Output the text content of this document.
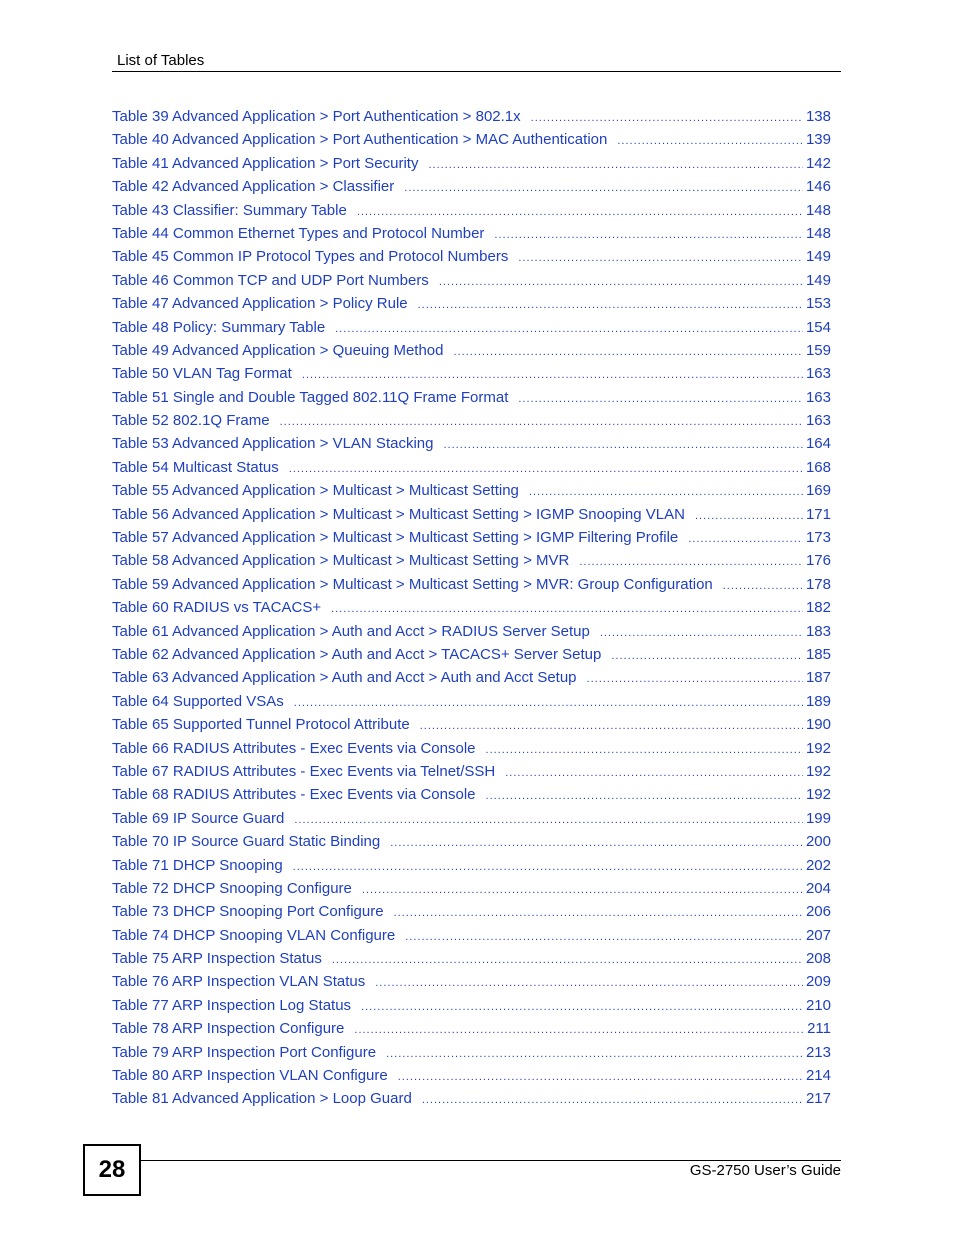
List of Tables
Table 39 Advanced Application > Port Authentication > 802.1x .....	138
Table 40 Advanced Application > Port Authentication > MAC Authentication .....	139
Table 41 Advanced Application > Port Security .....	142
Table 42 Advanced Application > Classifier .....	146
Table 43 Classifier: Summary Table .....	148
Table 44 Common Ethernet Types and Protocol Number .....	148
Table 45 Common IP Protocol Types and Protocol Numbers .....	149
Table 46 Common TCP and UDP Port Numbers .....	149
Table 47 Advanced Application > Policy Rule .....	153
Table 48 Policy: Summary Table .....	154
Table 49 Advanced Application > Queuing Method .....	159
Table 50 VLAN Tag Format .....	163
Table 51 Single and Double Tagged 802.11Q Frame Format .....	163
Table 52 802.1Q Frame .....	163
Table 53 Advanced Application > VLAN Stacking .....	164
Table 54 Multicast Status .....	168
Table 55 Advanced Application > Multicast > Multicast Setting .....	169
Table 56 Advanced Application > Multicast > Multicast Setting > IGMP Snooping VLAN .....	171
Table 57 Advanced Application > Multicast > Multicast Setting > IGMP Filtering Profile .....	173
Table 58 Advanced Application > Multicast > Multicast Setting > MVR .....	176
Table 59 Advanced Application > Multicast > Multicast Setting > MVR: Group Configuration .....	178
Table 60 RADIUS vs TACACS+ .....	182
Table 61 Advanced Application > Auth and Acct > RADIUS Server Setup .....	183
Table 62 Advanced Application > Auth and Acct > TACACS+ Server Setup .....	185
Table 63 Advanced Application > Auth and Acct > Auth and Acct Setup .....	187
Table 64 Supported VSAs .....	189
Table 65 Supported Tunnel Protocol Attribute .....	190
Table 66 RADIUS Attributes - Exec Events via Console .....	192
Table 67 RADIUS Attributes - Exec Events via Telnet/SSH .....	192
Table 68 RADIUS Attributes - Exec Events via Console .....	192
Table 69 IP Source Guard .....	199
Table 70 IP Source Guard Static Binding .....	200
Table 71 DHCP Snooping .....	202
Table 72 DHCP Snooping Configure .....	204
Table 73 DHCP Snooping Port Configure .....	206
Table 74 DHCP Snooping VLAN Configure .....	207
Table 75 ARP Inspection Status .....	208
Table 76 ARP Inspection VLAN Status .....	209
Table 77 ARP Inspection Log Status .....	210
Table 78 ARP Inspection Configure .....	211
Table 79 ARP Inspection Port Configure .....	213
Table 80 ARP Inspection VLAN Configure .....	214
Table 81 Advanced Application > Loop Guard .....	217
28	GS-2750 User’s Guide
